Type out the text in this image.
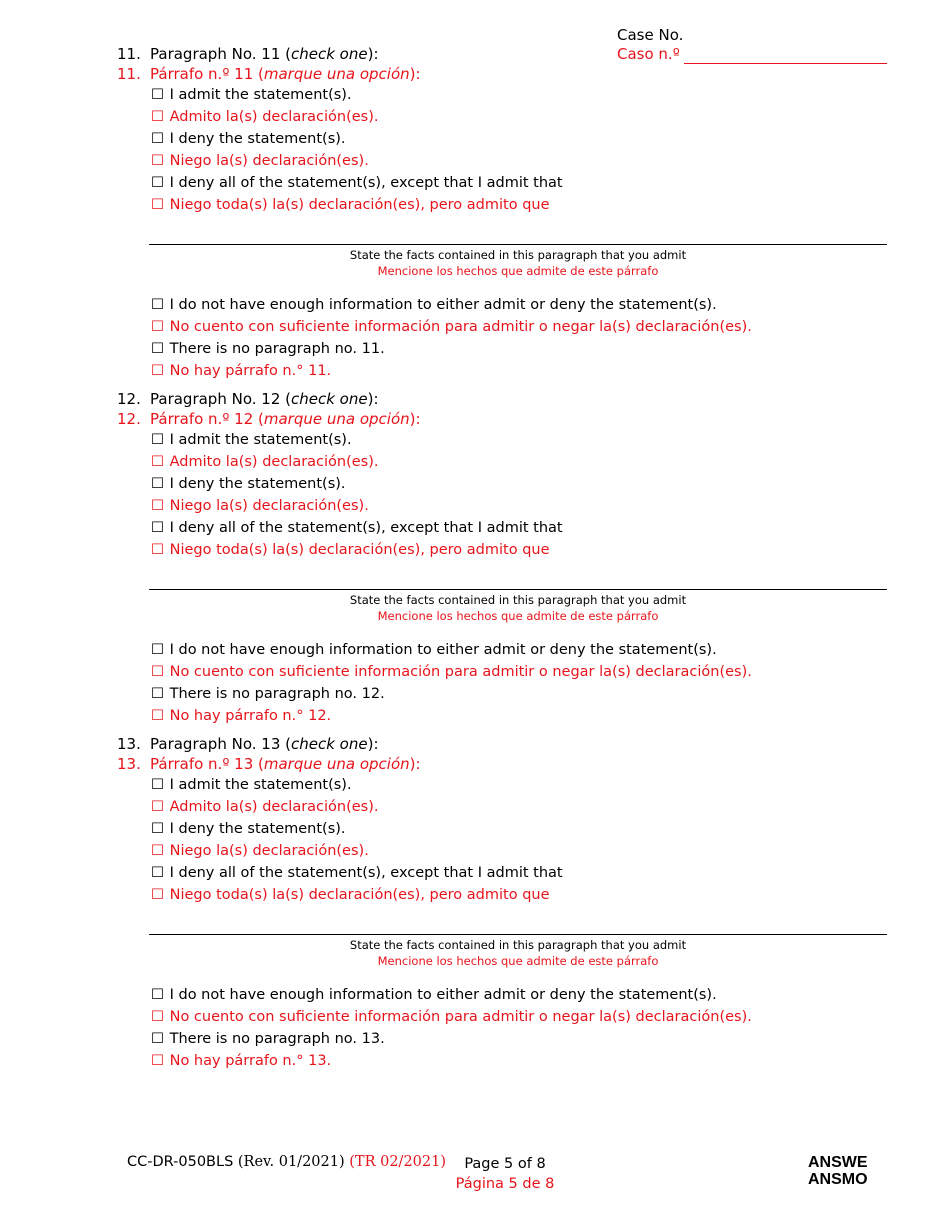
Case No.
Caso n.º
11. Paragraph No. 11 (check one):
11. Párrafo n.º 11 (marque una opción):
☐ I admit the statement(s).
☐ Admito la(s) declaración(es).
☐ I deny the statement(s).
☐ Niego la(s) declaración(es).
☐ I deny all of the statement(s), except that I admit that
☐ Niego toda(s) la(s) declaración(es), pero admito que
State the facts contained in this paragraph that you admit
Mencione los hechos que admite de este párrafo
☐ I do not have enough information to either admit or deny the statement(s).
☐ No cuento con suficiente información para admitir o negar la(s) declaración(es).
☐ There is no paragraph no. 11.
☐ No hay párrafo n.° 11.
12. Paragraph No. 12 (check one):
12. Párrafo n.º 12 (marque una opción):
☐ I admit the statement(s).
☐ Admito la(s) declaración(es).
☐ I deny the statement(s).
☐ Niego la(s) declaración(es).
☐ I deny all of the statement(s), except that I admit that
☐ Niego toda(s) la(s) declaración(es), pero admito que
State the facts contained in this paragraph that you admit
Mencione los hechos que admite de este párrafo
☐ I do not have enough information to either admit or deny the statement(s).
☐ No cuento con suficiente información para admitir o negar la(s) declaración(es).
☐ There is no paragraph no. 12.
☐ No hay párrafo n.° 12.
13. Paragraph No. 13 (check one):
13. Párrafo n.º 13 (marque una opción):
☐ I admit the statement(s).
☐ Admito la(s) declaración(es).
☐ I deny the statement(s).
☐ Niego la(s) declaración(es).
☐ I deny all of the statement(s), except that I admit that
☐ Niego toda(s) la(s) declaración(es), pero admito que
State the facts contained in this paragraph that you admit
Mencione los hechos que admite de este párrafo
☐ I do not have enough information to either admit or deny the statement(s).
☐ No cuento con suficiente información para admitir o negar la(s) declaración(es).
☐ There is no paragraph no. 13.
☐ No hay párrafo n.° 13.
CC-DR-050BLS (Rev. 01/2021) (TR 02/2021)	Page 5 of 8
Página 5 de 8
ANSWE
ANSMO
